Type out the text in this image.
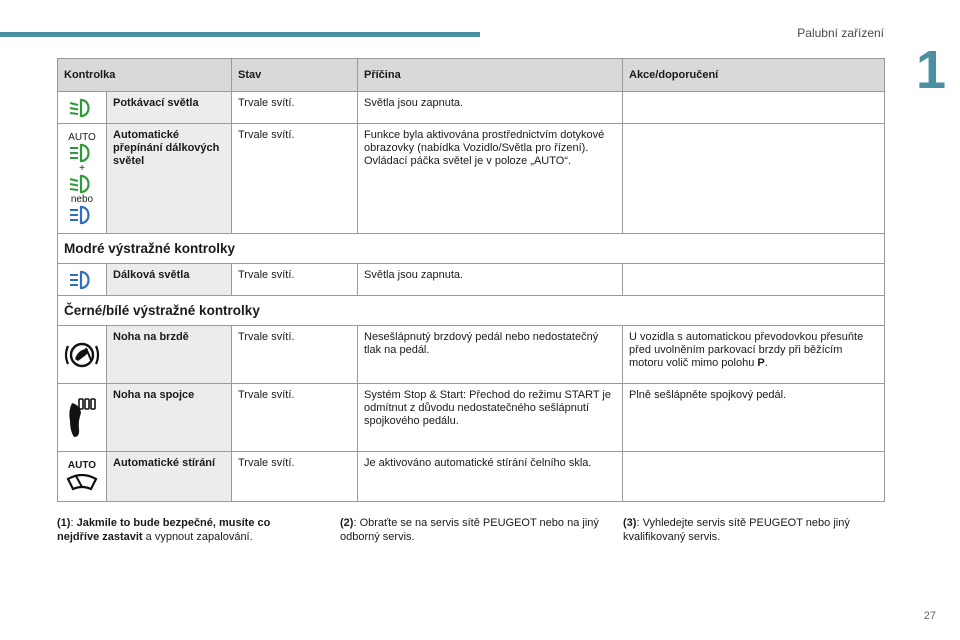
Palubní zařízení
1
Kontrolka		Stav	Příčina	Akce/doporučení

	Potkávací světla	Trvale svítí.	Světla jsou zapnuta.	

AUTO
+
nebo	Automatické přepínání dálkových světel	Trvale svítí.	Funkce byla aktivována prostřednictvím dotykové obrazovky (nabídka Vozidlo/Světla pro řízení).
Ovládací páčka světel je v poloze „AUTO“.	

Modré výstražné kontrolky				

	Dálková světla	Trvale svítí.	Světla jsou zapnuta.	
Černé/bílé výstražné kontrolky				

	Noha na brzdě	Trvale svítí.	Nesešlápnutý brzdový pedál nebo nedostatečný tlak na pedál.	U vozidla s automatickou převodovkou přesuňte před uvolněním parkovací brzdy při běžícím motoru volič mimo polohu P.

	Noha na spojce	Trvale svítí.	Systém Stop & Start: Přechod do režimu START je odmítnut z důvodu nedostatečného sešlápnutí spojkového pedálu.	Plně sešlápněte spojkový pedál.

AUTO	Automatické stírání	Trvale svítí.	Je aktivováno automatické stírání čelního skla.	
(1): Jakmile to bude bezpečné, musíte co nejdříve zastavit a vypnout zapalování.
(2): Obraťte se na servis sítě PEUGEOT nebo na jiný odborný servis.
(3): Vyhledejte servis sítě PEUGEOT nebo jiný kvalifikovaný servis.
27
